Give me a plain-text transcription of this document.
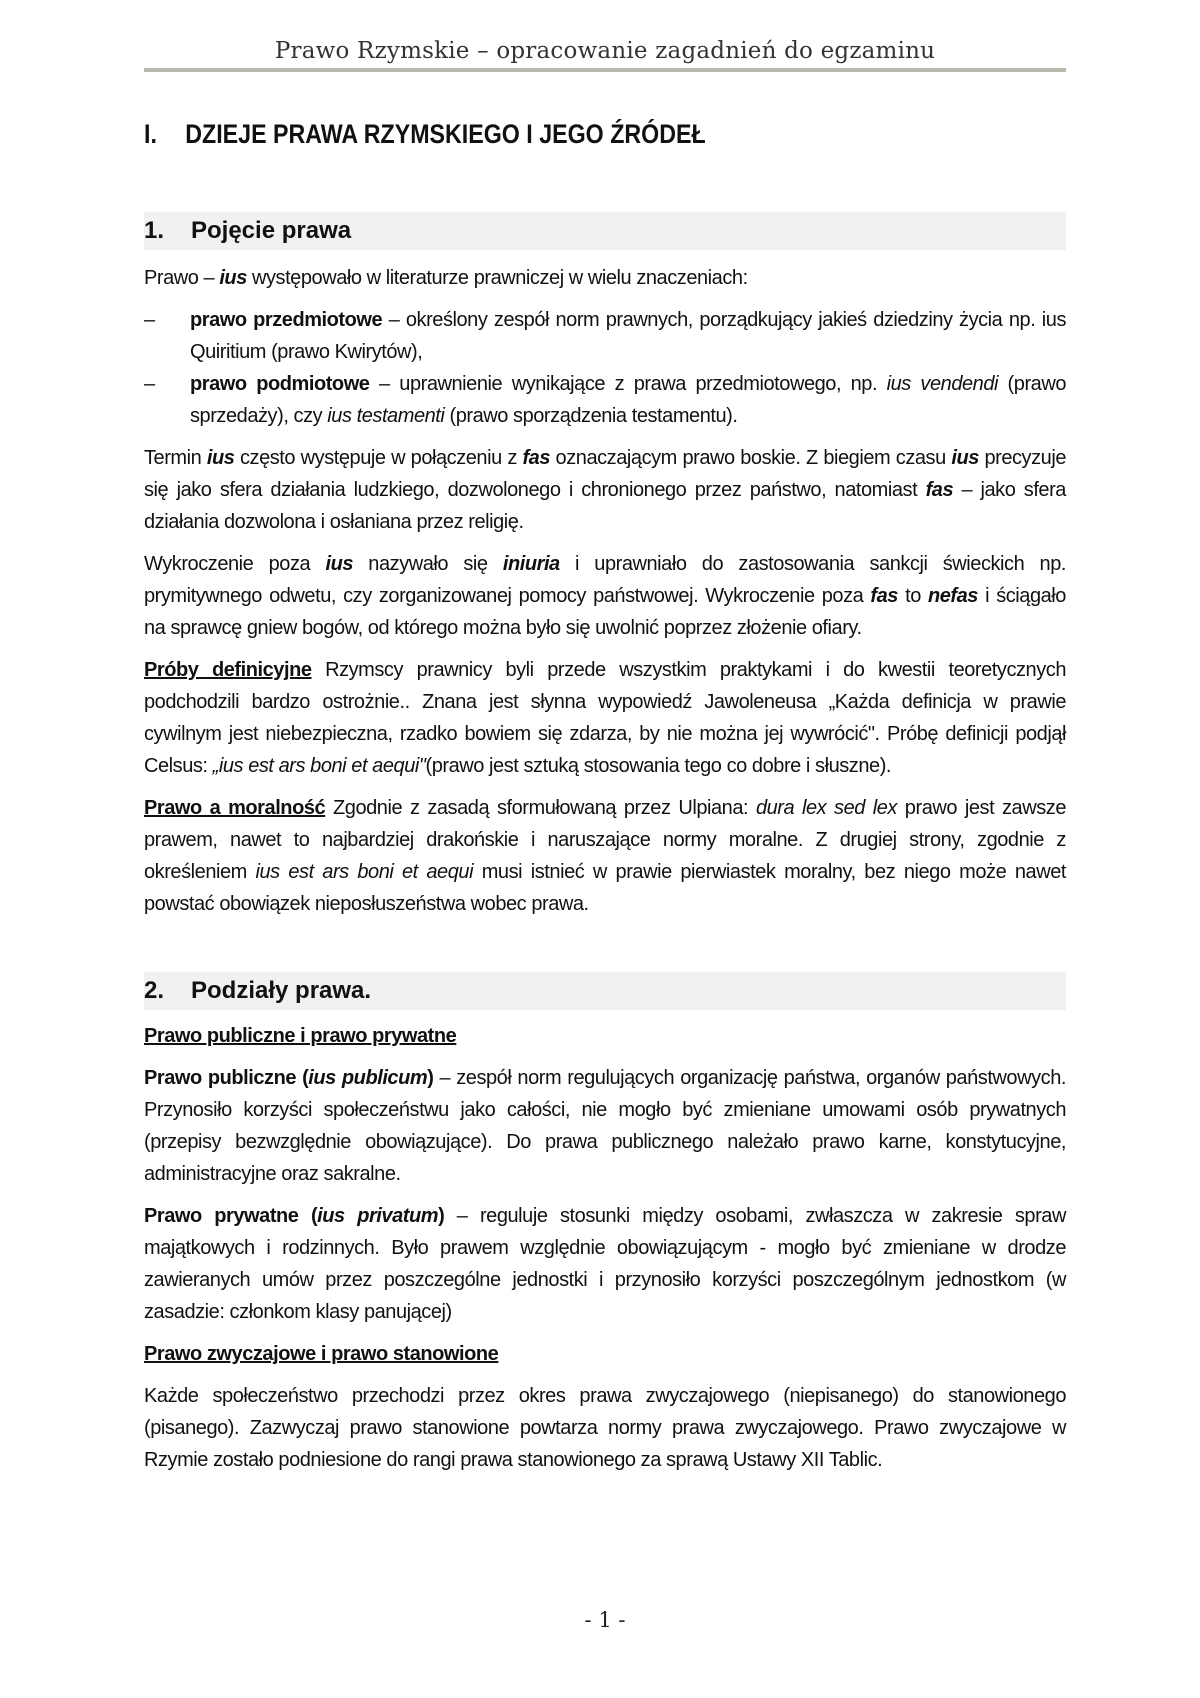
Prawo Rzymskie – opracowanie zagadnień do egzaminu
I. DZIEJE PRAWA RZYMSKIEGO I JEGO ŹRÓDEŁ
1. Pojęcie prawa

Prawo – ius występowało w literaturze prawniczej w wielu znaczeniach:

– prawo przedmiotowe – określony zespół norm prawnych, porządkujący jakieś dziedziny życia np. ius Quiritium (prawo Kwirytów),
– prawo podmiotowe – uprawnienie wynikające z prawa przedmiotowego, np. ius vendendi (prawo sprzedaży), czy ius testamenti (prawo sporządzenia testamentu).

Termin ius często występuje w połączeniu z fas oznaczającym prawo boskie. Z biegiem czasu ius precyzuje się jako sfera działania ludzkiego, dozwolonego i chronionego przez państwo, natomiast fas – jako sfera działania dozwolona i osłaniana przez religię.

Wykroczenie poza ius nazywało się iniuria i uprawniało do zastosowania sankcji świeckich np. prymitywnego odwetu, czy zorganizowanej pomocy państwowej. Wykroczenie poza fas to nefas i ściągało na sprawcę gniew bogów, od którego można było się uwolnić poprzez złożenie ofiary.

Próby definicyjne Rzymscy prawnicy byli przede wszystkim praktykami i do kwestii teoretycznych podchodzili bardzo ostrożnie.. Znana jest słynna wypowiedź Jawoleneusa „Każda definicja w prawie cywilnym jest niebezpieczna, rzadko bowiem się zdarza, by nie można jej wywrócić". Próbę definicji podjął Celsus: „ius est ars boni et aequi"(prawo jest sztuką stosowania tego co dobre i słuszne).

Prawo a moralność Zgodnie z zasadą sformułowaną przez Ulpiana: dura lex sed lex prawo jest zawsze prawem, nawet to najbardziej drakońskie i naruszające normy moralne. Z drugiej strony, zgodnie z określeniem ius est ars boni et aequi musi istnieć w prawie pierwiastek moralny, bez niego może nawet powstać obowiązek nieposłuszeństwa wobec prawa.

2. Podziały prawa.
Prawo publiczne i prawo prywatne

Prawo publiczne (ius publicum) – zespół norm regulujących organizację państwa, organów państwowych. Przynosiło korzyści społeczeństwu jako całości, nie mogło być zmieniane umowami osób prywatnych (przepisy bezwzględnie obowiązujące). Do prawa publicznego należało prawo karne, konstytucyjne, administracyjne oraz sakralne.

Prawo prywatne (ius privatum) – reguluje stosunki między osobami, zwłaszcza w zakresie spraw majątkowych i rodzinnych. Było prawem względnie obowiązującym - mogło być zmieniane w drodze zawieranych umów przez poszczególne jednostki i przynosiło korzyści poszczególnym jednostkom (w zasadzie: członkom klasy panującej)

Prawo zwyczajowe i prawo stanowione

Każde społeczeństwo przechodzi przez okres prawa zwyczajowego (niepisanego) do stanowionego (pisanego). Zazwyczaj prawo stanowione powtarza normy prawa zwyczajowego. Prawo zwyczajowe w Rzymie zostało podniesione do rangi prawa stanowionego za sprawą Ustawy XII Tablic.

- 1 -
